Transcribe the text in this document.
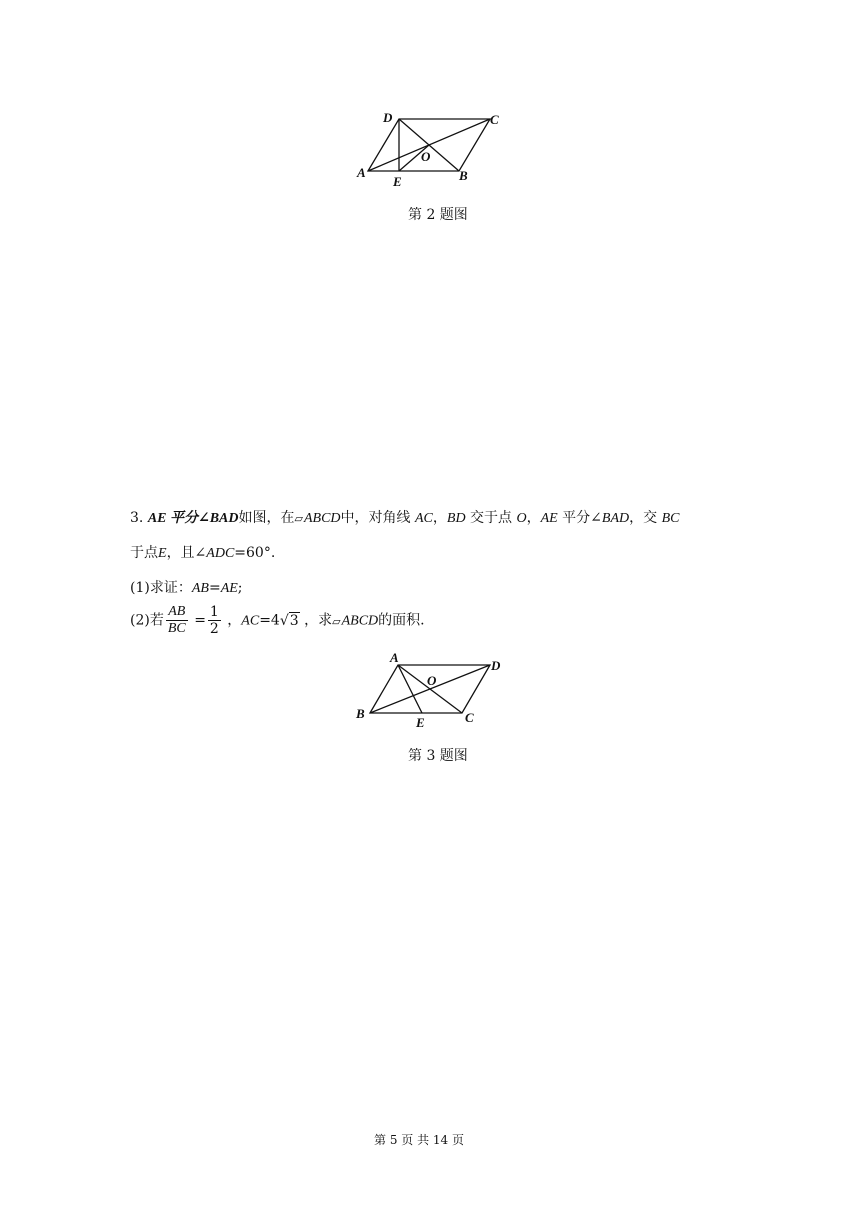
D	C
O
A
E	B
第 2 题图
3. AE 平分∠BAD如图，在▱ABCD中，对角线 AC，BD 交于点 O，AE 平分∠BAD，交 BC
于点E，且∠ADC=60°.
(1)求证：AB=AE;
(2)若 $\frac{AB}{BC} = \frac{1}{2}$ ，AC=4√3 ，求▱ABCD的面积.
A
D
O
B
E	C
第 3 题图
第 5 页 共 14 页
